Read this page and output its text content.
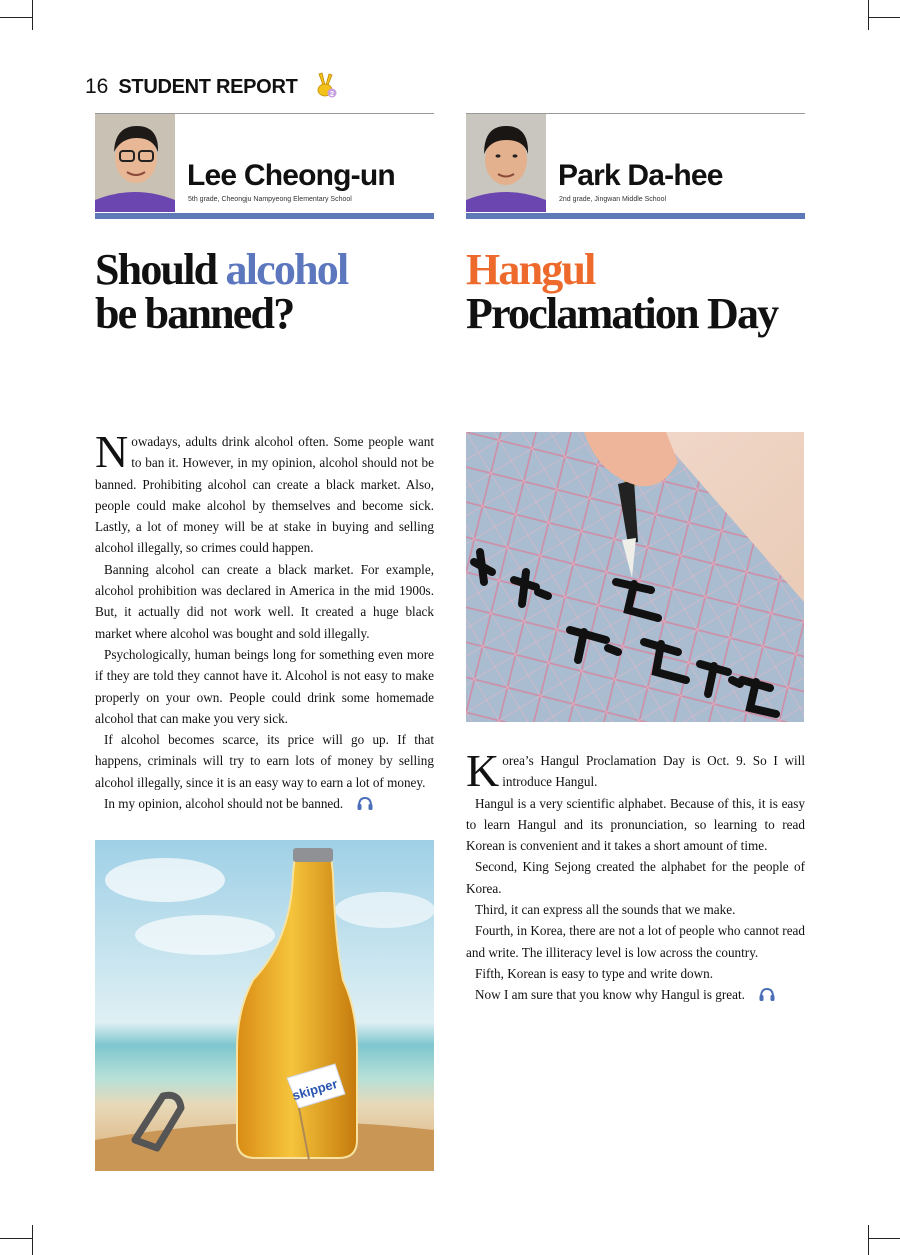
16 STUDENT REPORT	2
Lee Cheong-un
5th grade, Cheongju Nampyeong Elementary School
Park Da-hee
2nd grade, Jingwan Middle School
Should alcohol
be banned?
Hangul
Proclamation Day

Nowadays, adults drink alcohol often. Some people want to ban it. However, in my opinion, alcohol should not be banned. Prohibiting alcohol can create a black market. Also, people could make alcohol by themselves and become sick. Lastly, a lot of money will be at stake in buying and selling alcohol illegally, so crimes could happen.

Banning alcohol can create a black market. For example, alcohol prohibition was declared in America in the mid 1900s. But, it actually did not work well. It created a huge black market where alcohol was bought and sold illegally.

Psychologically, human beings long for something even more if they are told they cannot have it. Alcohol is not easy to make properly on your own. People could drink some homemade alcohol that can make you very sick.

If alcohol becomes scarce, its price will go up. If that happens, criminals will try to earn lots of money by selling alcohol illegally, since it is an easy way to earn a lot of money.

In my opinion, alcohol should not be banned.

Korea’s Hangul Proclamation Day is Oct. 9. So I will introduce Hangul.

Hangul is a very scientific alphabet. Because of this, it is easy to learn Hangul and its pronunciation, so learning to read Korean is convenient and it takes a short amount of time.

Second, King Sejong created the alphabet for the people of Korea.

Third, it can express all the sounds that we make.

Fourth, in Korea, there are not a lot of people who cannot read and write. The illiteracy level is low across the country.

Fifth, Korean is easy to type and write down.

Now I am sure that you know why Hangul is great.

skipper
